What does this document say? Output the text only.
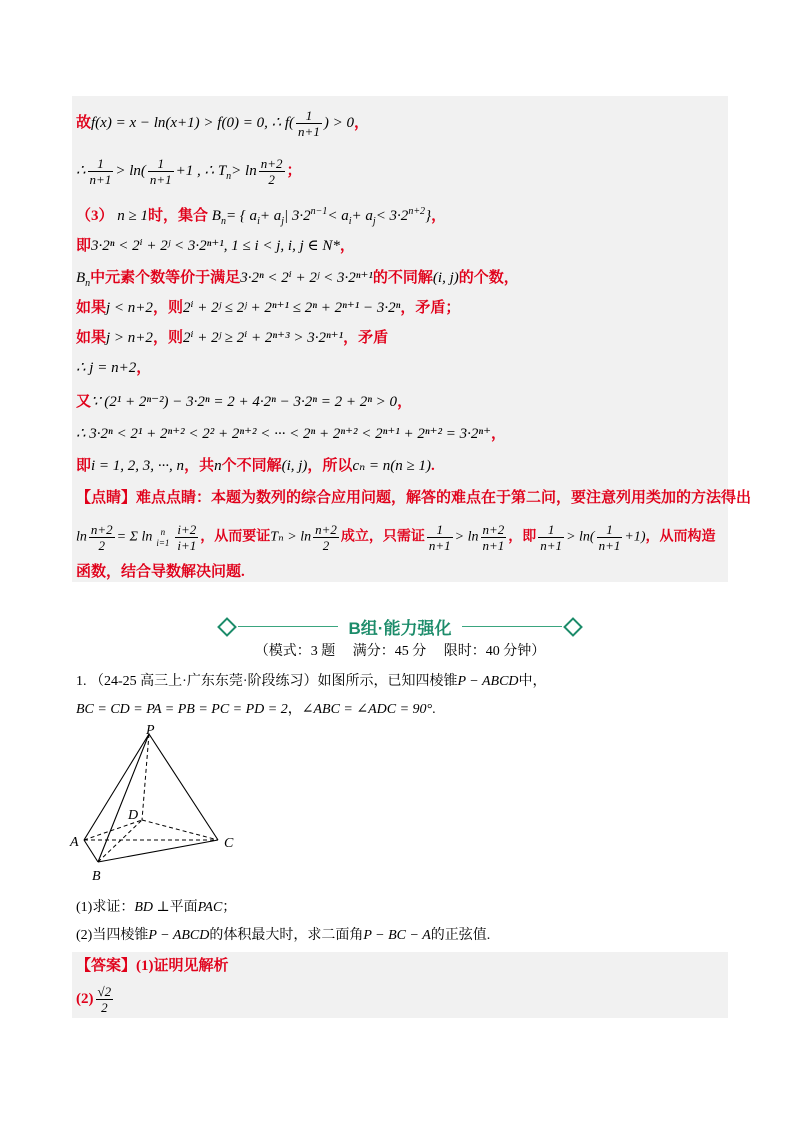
故f(x) = x − ln(x+1) > f(0) = 0, ∴ $f( \frac{1}{n+1}$ ) > 0，
∴ $\frac{1}{n+1} > \ln( \frac{1}{n+1} +1$ , ∴ $T_n> \ln \frac{n+2}{2}$ ；
（3） n ≥ 1时，集合 $B_n=$ { $a_i+ a_j|$ $3\cdot 2^{n-1}< a_i+ a_j< 3\cdot 2^{n+2}$}，
即3·2ⁿ < 2ⁱ + 2ʲ < 3·2ⁿ⁺¹, 1 ≤ i < j, i, j ∈ N*，
$B_n$中元素个数等价于满足3·2ⁿ < 2ⁱ + 2ʲ < 3·2ⁿ⁺¹的不同解(i, j)的个数，
如果j < n+2，则2ⁱ + 2ʲ ≤ 2ʲ + 2ⁿ⁺¹ ≤ 2ⁿ + 2ⁿ⁺¹ − 3·2ⁿ，矛盾；
如果j > n+2，则2ⁱ + 2ʲ ≥ 2ⁱ + 2ⁿ⁺³ > 3·2ⁿ⁺¹，矛盾
∴ j = n+2，
又∵ (2¹ + 2ⁿ⁻²) − 3·2ⁿ = 2 + 4·2ⁿ − 3·2ⁿ = 2 + 2ⁿ > 0，
∴ 3·2ⁿ < 2¹ + 2ⁿ⁺² < 2² + 2ⁿ⁺² < ··· < 2ⁿ + 2ⁿ⁺² < 2ⁿ⁺¹ + 2ⁿ⁺² = 3·2ⁿ⁺，
即i = 1, 2, 3, ···, n，共n个不同解(i, j)，所以cₙ = n(n ≥ 1).
【点睛】难点点睛：本题为数列的综合应用问题，解答的难点在于第二问，要注意列用类加的方法得出
$\ln \frac{n+2}{2} = \Sigma$ ln n
$i=1 \frac{i+2}{i+1}$ ，从而要证$T_n > \ln \frac{n+2}{2}$ 成立，只需证 $\frac{1}{n+1} > \ln \frac{n+2}{n+1}$ ，即 $\frac{1}{n+1} > \ln( \frac{1}{n+1} +1)$，从而构造
函数，结合导数解决问题.
B组·能力强化
（模式：3 题　 满分：45 分　 限时：40 分钟）
1. （24-25 高三上·广东东莞·阶段练习）如图所示，已知四棱锥P − ABCD中，
BC = CD = PA = PB = PC = PD = 2，∠ABC = ∠ADC = 90°.
P
A
B
C
D
(1)求证：BD ⊥平面PAC；
(2)当四棱锥P − ABCD的体积最大时，求二面角P − BC − A的正弦值.
【答案】(1)证明见解析
$(2) \frac{√2}{2}$
